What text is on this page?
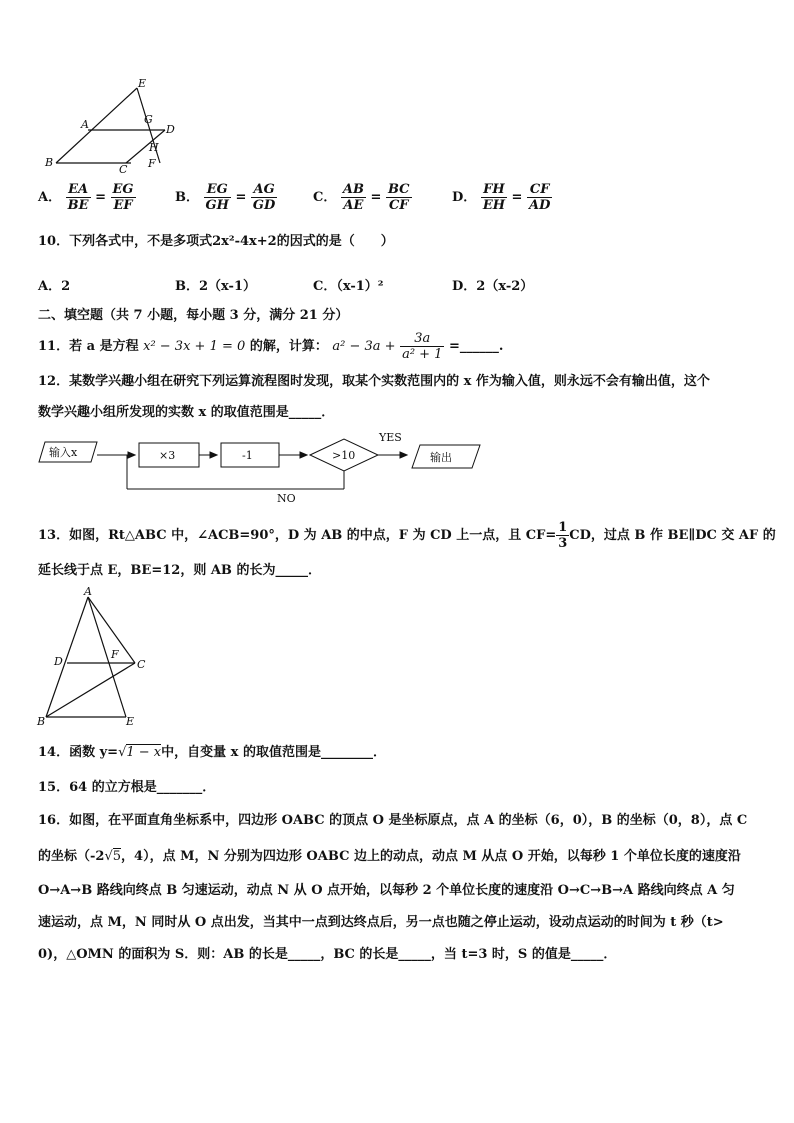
E
A	G
D
H
B
C F
A． $\frac{EA}{BE} = \frac{EG}{EF}$	B． $\frac{EG}{GH} = \frac{AG}{GD}$	C． $\frac{AB}{AE} = \frac{BC}{CF}$	D． $\frac{FH}{EH} = \frac{CF}{AD}$
10．下列各式中，不是多项式2x²-4x+2的因式的是（　　）
A．2	B．2（x-1）	C．（x-1）²	D．2（x-2）
二、填空题（共 7 小题，每小题 3 分，满分 21 分）
11．若 a 是方程 x² − 3x + 1 = 0 的解，计算： $a^2 - 3a + \frac{3a}{\text{a² + 1}}$ =______.
12．某数学兴趣小组在研究下列运算流程图时发现，取某个实数范围内的 x 作为输入值，则永远不会有输出值，这个
数学兴趣小组所发现的实数 x 的取值范围是_____．
输入x	×3	-1	>10
YES
输出
NO
13．如图，Rt△ABC 中，∠ACB=90°，D 为 AB 的中点，F 为 CD 上一点，且 $CF= \frac{1}{3}$ CD，过点 B 作 BE∥DC 交 AF 的
延长线于点 E，BE=12，则 AB 的长为_____．
A
D
F
C
B	E
14．函数 y=√1 − x中，自变量 x 的取值范围是________．
15．64 的立方根是_______．
16．如图，在平面直角坐标系中，四边形 OABC 的顶点 O 是坐标原点，点 A 的坐标（6，0），B 的坐标（0，8），点 C
的坐标（-2√5，4），点 M，N 分别为四边形 OABC 边上的动点，动点 M 从点 O 开始，以每秒 1 个单位长度的速度沿
O→A→B 路线向终点 B 匀速运动，动点 N 从 O 点开始，以每秒 2 个单位长度的速度沿 O→C→B→A 路线向终点 A 匀
速运动，点 M，N 同时从 O 点出发，当其中一点到达终点后，另一点也随之停止运动，设动点运动的时间为 t 秒（t>
0)，△OMN 的面积为 S．则：AB 的长是_____，BC 的长是_____，当 t=3 时，S 的值是_____．
